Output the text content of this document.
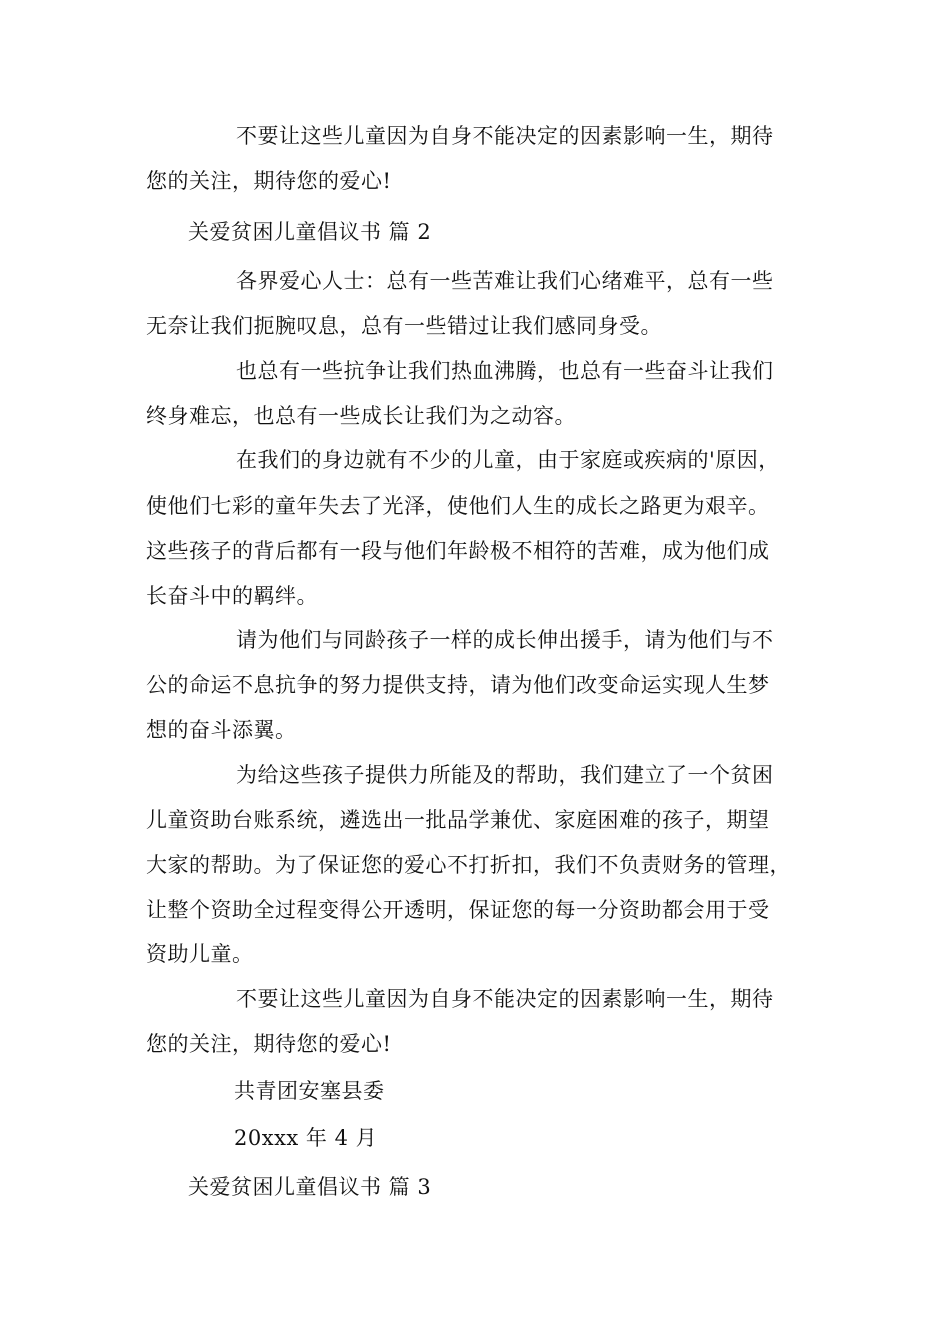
不要让这些儿童因为自身不能决定的因素影响一生，期待
您的关注，期待您的爱心!
关爱贫困儿童倡议书 篇 2
各界爱心人士：总有一些苦难让我们心绪难平，总有一些
无奈让我们扼腕叹息，总有一些错过让我们感同身受。
也总有一些抗争让我们热血沸腾，也总有一些奋斗让我们
终身难忘，也总有一些成长让我们为之动容。
在我们的身边就有不少的儿童，由于家庭或疾病的'原因，
使他们七彩的童年失去了光泽，使他们人生的成长之路更为艰辛。
这些孩子的背后都有一段与他们年龄极不相符的苦难，成为他们成
长奋斗中的羁绊。
请为他们与同龄孩子一样的成长伸出援手，请为他们与不
公的命运不息抗争的努力提供支持，请为他们改变命运实现人生梦
想的奋斗添翼。
为给这些孩子提供力所能及的帮助，我们建立了一个贫困
儿童资助台账系统，遴选出一批品学兼优、家庭困难的孩子，期望
大家的帮助。为了保证您的爱心不打折扣，我们不负责财务的管理，
让整个资助全过程变得公开透明，保证您的每一分资助都会用于受
资助儿童。
不要让这些儿童因为自身不能决定的因素影响一生，期待
您的关注，期待您的爱心!
共青团安塞县委
20xxx 年 4 月
关爱贫困儿童倡议书 篇 3
